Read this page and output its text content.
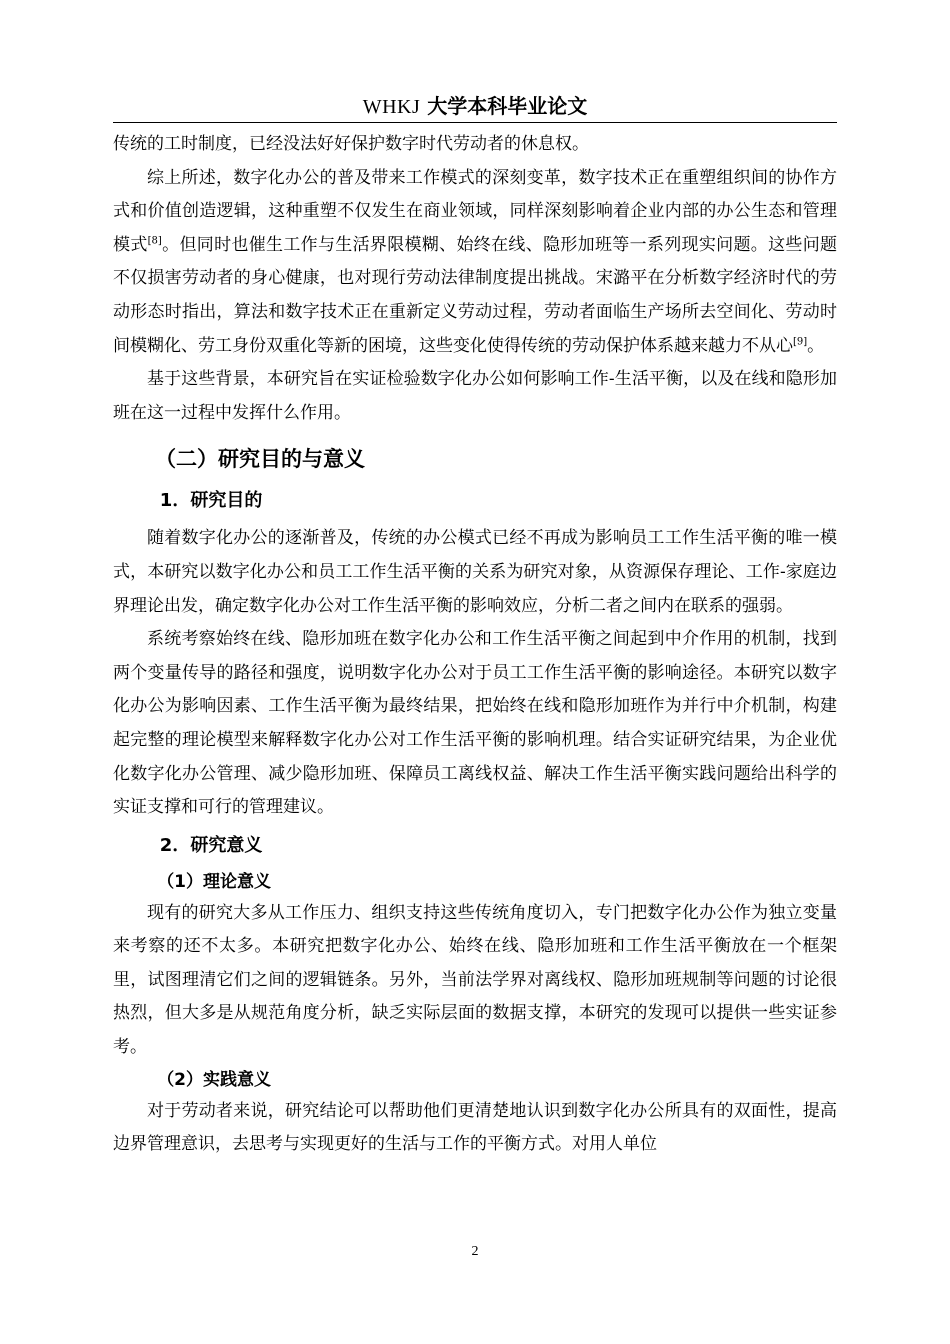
WHKJ 大学本科毕业论文

传统的工时制度，已经没法好好保护数字时代劳动者的休息权。

综上所述，数字化办公的普及带来工作模式的深刻变革，数字技术正在重塑组织间的协作方式和价值创造逻辑，这种重塑不仅发生在商业领域，同样深刻影响着企业内部的办公生态和管理模式[8]。但同时也催生工作与生活界限模糊、始终在线、隐形加班等一系列现实问题。这些问题不仅损害劳动者的身心健康，也对现行劳动法律制度提出挑战。宋潞平在分析数字经济时代的劳动形态时指出，算法和数字技术正在重新定义劳动过程，劳动者面临生产场所去空间化、劳动时间模糊化、劳工身份双重化等新的困境，这些变化使得传统的劳动保护体系越来越力不从心[9]。

基于这些背景，本研究旨在实证检验数字化办公如何影响工作-生活平衡，以及在线和隐形加班在这一过程中发挥什么作用。

（二）研究目的与意义
1．研究目的

随着数字化办公的逐渐普及，传统的办公模式已经不再成为影响员工工作生活平衡的唯一模式，本研究以数字化办公和员工工作生活平衡的关系为研究对象，从资源保存理论、工作-家庭边界理论出发，确定数字化办公对工作生活平衡的影响效应，分析二者之间内在联系的强弱。

系统考察始终在线、隐形加班在数字化办公和工作生活平衡之间起到中介作用的机制，找到两个变量传导的路径和强度，说明数字化办公对于员工工作生活平衡的影响途径。本研究以数字化办公为影响因素、工作生活平衡为最终结果，把始终在线和隐形加班作为并行中介机制，构建起完整的理论模型来解释数字化办公对工作生活平衡的影响机理。结合实证研究结果，为企业优化数字化办公管理、减少隐形加班、保障员工离线权益、解决工作生活平衡实践问题给出科学的实证支撑和可行的管理建议。

2．研究意义
（1）理论意义

现有的研究大多从工作压力、组织支持这些传统角度切入，专门把数字化办公作为独立变量来考察的还不太多。本研究把数字化办公、始终在线、隐形加班和工作生活平衡放在一个框架里，试图理清它们之间的逻辑链条。另外，当前法学界对离线权、隐形加班规制等问题的讨论很热烈，但大多是从规范角度分析，缺乏实际层面的数据支撑，本研究的发现可以提供一些实证参考。

（2）实践意义

对于劳动者来说，研究结论可以帮助他们更清楚地认识到数字化办公所具有的双面性，提高边界管理意识，去思考与实现更好的生活与工作的平衡方式。对用人单位

2
